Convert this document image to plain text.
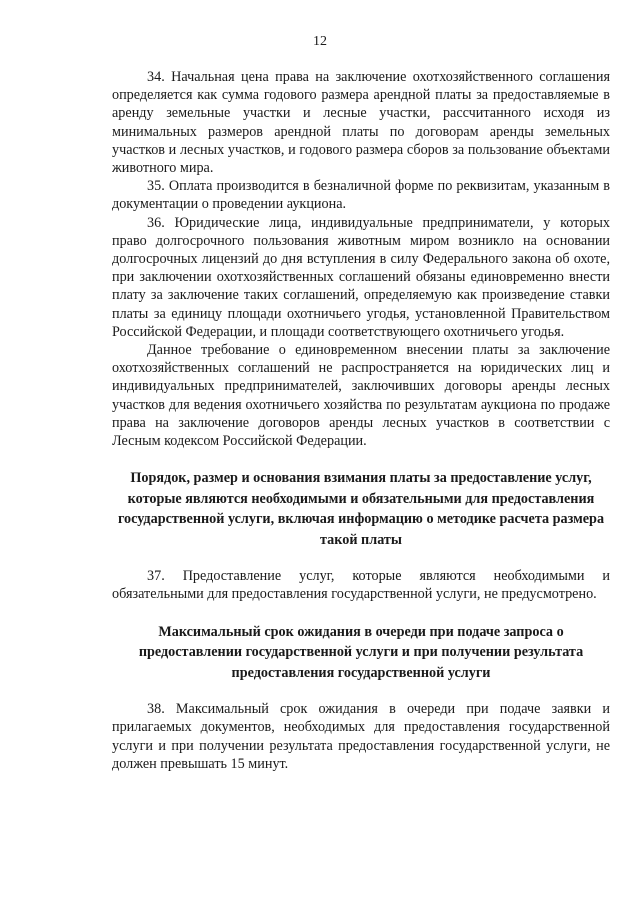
12

34. Начальная цена права на заключение охотхозяйственного соглашения определяется как сумма годового размера арендной платы за предоставляемые в аренду земельные участки и лесные участки, рассчитанного исходя из минимальных размеров арендной платы по договорам аренды земельных участков и лесных участков, и годового размера сборов за пользование объектами животного мира.

35. Оплата производится в безналичной форме по реквизитам, указанным в документации о проведении аукциона.

36. Юридические лица, индивидуальные предприниматели, у которых право долгосрочного пользования животным миром возникло на основании долгосрочных лицензий до дня вступления в силу Федерального закона об охоте, при заключении охотхозяйственных соглашений обязаны единовременно внести плату за заключение таких соглашений, определяемую как произведение ставки платы за единицу площади охотничьего угодья, установленной Правительством Российской Федерации, и площади соответствующего охотничьего угодья.

Данное требование о единовременном внесении платы за заключение охотхозяйственных соглашений не распространяется на юридических лиц и индивидуальных предпринимателей, заключивших договоры аренды лесных участков для ведения охотничьего хозяйства по результатам аукциона по продаже права на заключение договоров аренды лесных участков в соответствии с Лесным кодексом Российской Федерации.

Порядок, размер и основания взимания платы за предоставление услуг, которые являются необходимыми и обязательными для предоставления государственной услуги, включая информацию о методике расчета размера такой платы

37. Предоставление услуг, которые являются необходимыми и обязательными для предоставления государственной услуги, не предусмотрено.

Максимальный срок ожидания в очереди при подаче запроса о предоставлении государственной услуги и при получении результата предоставления государственной услуги

38. Максимальный срок ожидания в очереди при подаче заявки и прилагаемых документов, необходимых для предоставления государственной услуги и при получении результата предоставления государственной услуги, не должен превышать 15 минут.
